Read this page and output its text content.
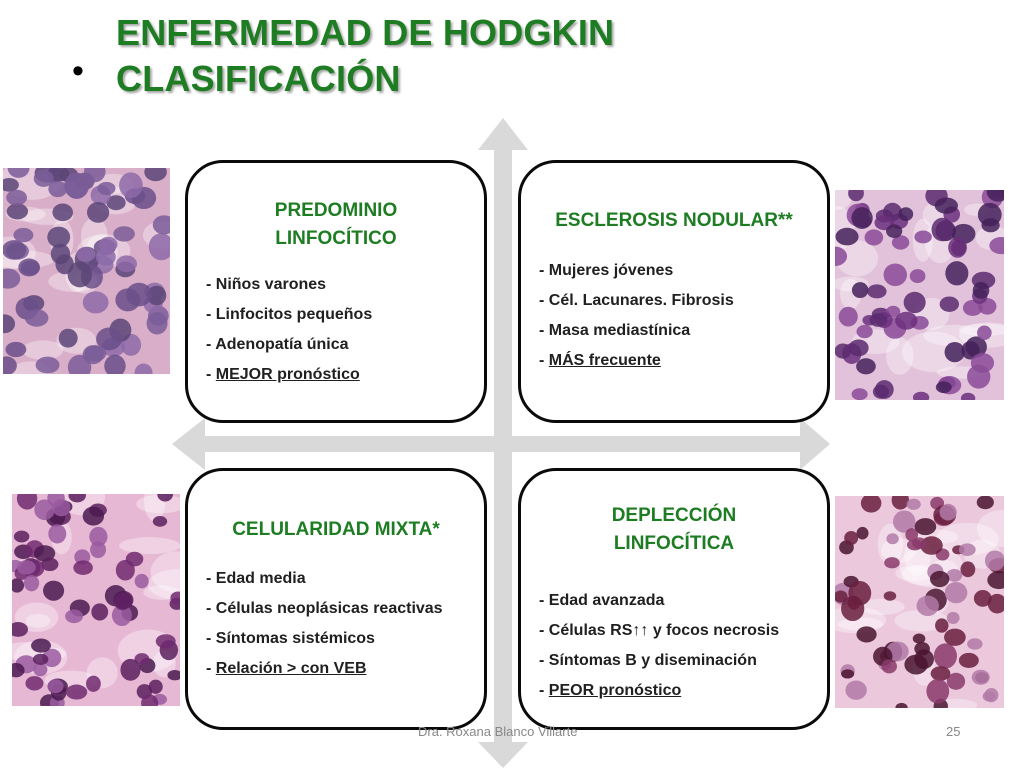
•
ENFERMEDAD DE HODGKIN
CLASIFICACIÓN
PREDOMINIO
LINFOCÍTICO
- Niños varones
- Linfocitos pequeños
- Adenopatía única
- MEJOR pronóstico
ESCLEROSIS NODULAR**
- Mujeres jóvenes
- Cél. Lacunares. Fibrosis
- Masa mediastínica
- MÁS frecuente
CELULARIDAD MIXTA*
- Edad media
- Células neoplásicas reactivas
- Síntomas sistémicos
- Relación > con VEB
DEPLECCIÓN
LINFOCÍTICA
- Edad avanzada
- Células RS↑↑ y focos necrosis
- Síntomas B y diseminación
- PEOR pronóstico
Dra. Roxana Blanco Villarte	25
